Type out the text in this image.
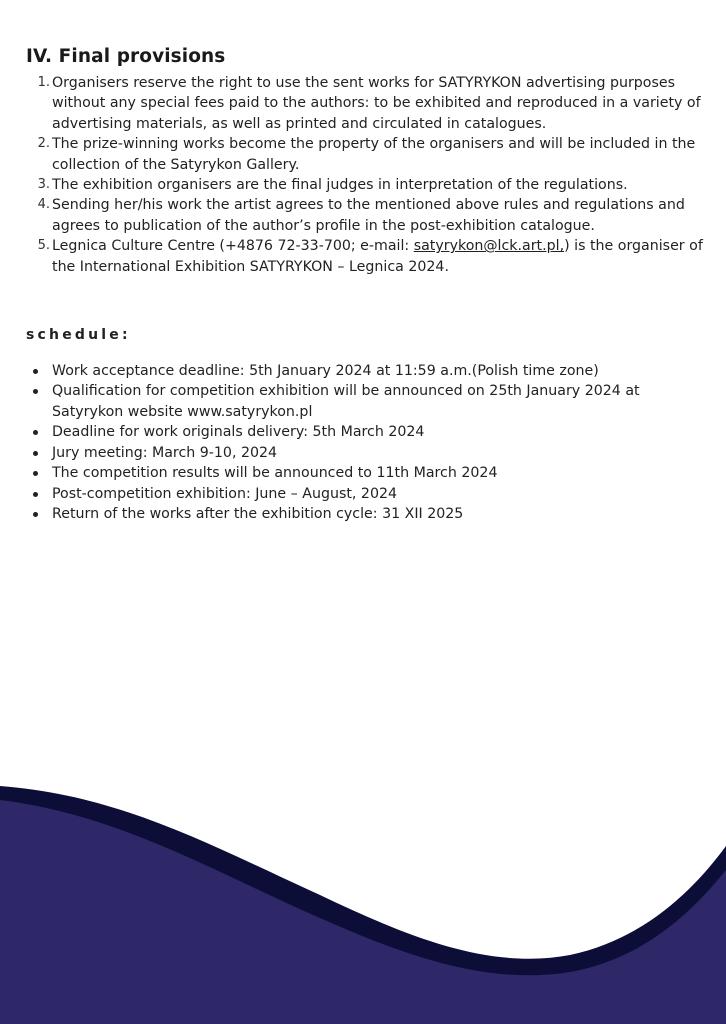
IV. Final provisions
1. Organisers reserve the right to use the sent works for SATYRYKON advertising purposes without any special fees paid to the authors: to be exhibited and reproduced in a variety of advertising materials, as well as printed and circulated in catalogues.
2. The prize-winning works become the property of the organisers and will be included in the collection of the Satyrykon Gallery.
3. The exhibition organisers are the final judges in interpretation of the regulations.
4. Sending her/his work the artist agrees to the mentioned above rules and regulations and agrees to publication of the author’s profile in the post-exhibition catalogue.
5. Legnica Culture Centre (+4876 72-33-700; e-mail: satyrykon@lck.art.pl,) is the organiser of the International Exhibition SATYRYKON – Legnica 2024.
schedule:
Work acceptance deadline: 5th January 2024 at 11:59 a.m.(Polish time zone)
Qualification for competition exhibition will be announced on 25th January 2024 at Satyrykon website www.satyrykon.pl
Deadline for work originals delivery: 5th March 2024
Jury meeting: March 9-10, 2024
The competition results will be announced to 11th March 2024
Post-competition exhibition: June – August, 2024
Return of the works after the exhibition cycle: 31 XII 2025
